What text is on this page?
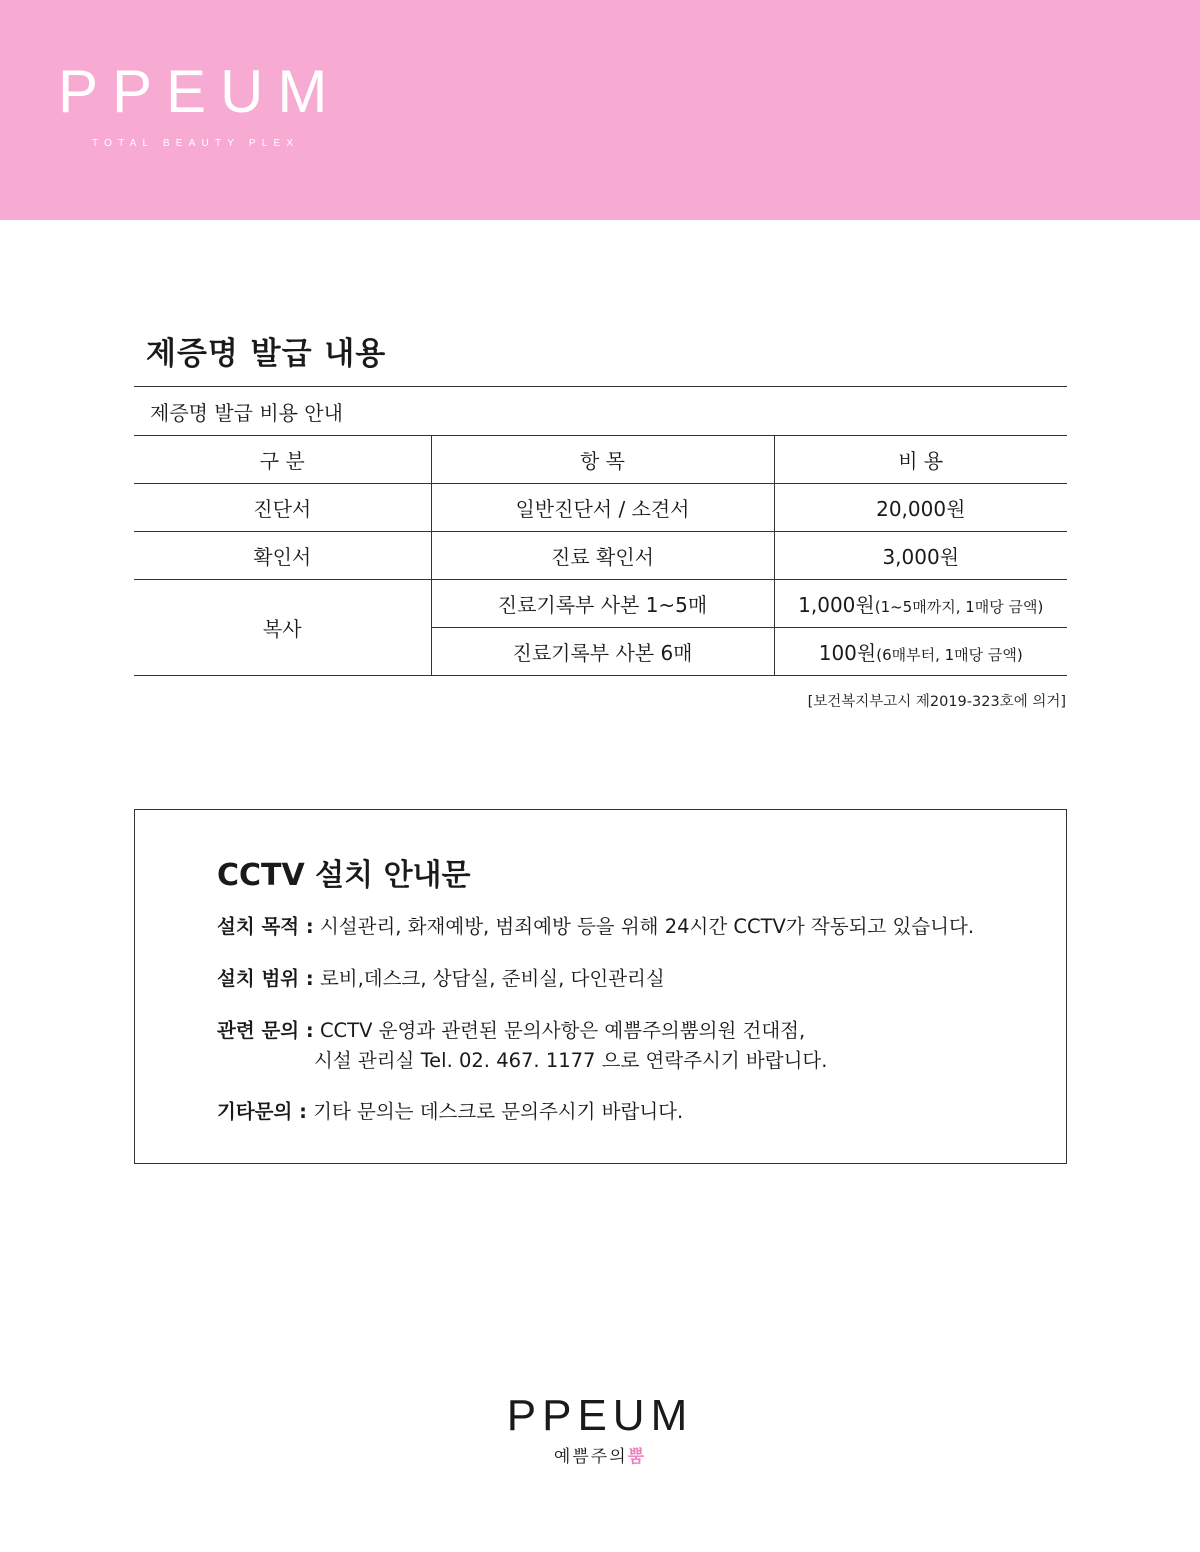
PPEUM
TOTAL BEAUTY PLEX
제증명 발급 내용
제증명 발급 비용 안내		
구 분	항 목	비 용
진단서	일반진단서 / 소견서	20,000원
확인서	진료 확인서	3,000원
복사	진료기록부 사본 1~5매	1,000원(1~5매까지, 1매당 금액)
	진료기록부 사본 6매	100원(6매부터, 1매당 금액)
[보건복지부고시 제2019-323호에 의거]
CCTV 설치 안내문
설치 목적 : 시설관리, 화재예방, 범죄예방 등을 위해 24시간 CCTV가 작동되고 있습니다.
설치 범위 : 로비,데스크, 상담실, 준비실, 다인관리실
관련 문의 : CCTV 운영과 관련된 문의사항은 예쁨주의뿜의원 건대점,
시설 관리실 Tel. 02. 467. 1177 으로 연락주시기 바랍니다.
기타문의 : 기타 문의는 데스크로 문의주시기 바랍니다.
PPEUM
예쁨주의뿜
